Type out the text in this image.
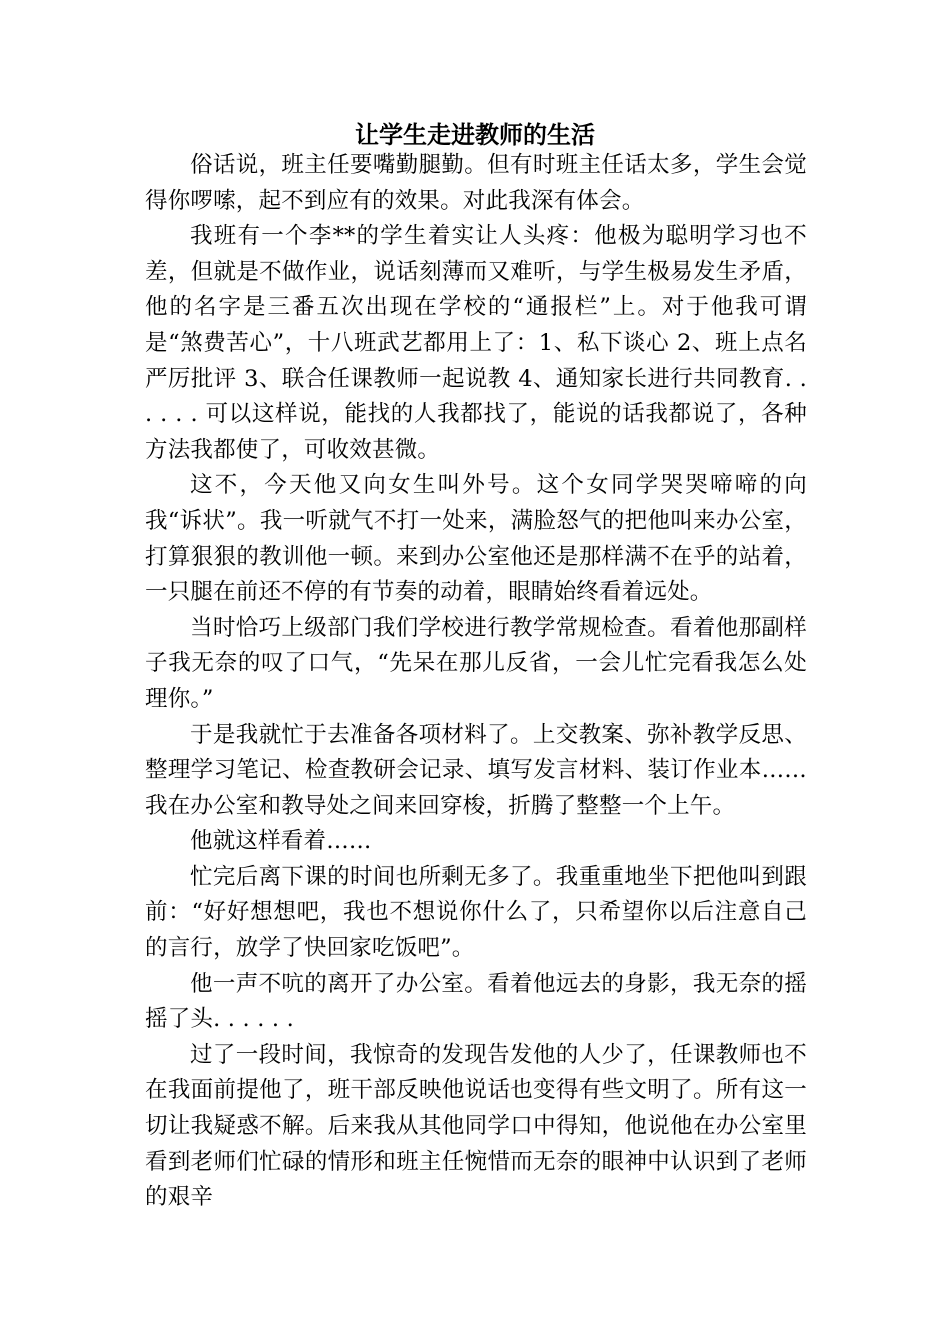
让学生走进教师的生活

俗话说，班主任要嘴勤腿勤。但有时班主任话太多，学生会觉得你啰嗦，起不到应有的效果。对此我深有体会。

我班有一个李**的学生着实让人头疼：他极为聪明学习也不差，但就是不做作业，说话刻薄而又难听，与学生极易发生矛盾，他的名字是三番五次出现在学校的“通报栏”上。对于他我可谓是“煞费苦心”，十八班武艺都用上了：1、私下谈心 2、班上点名严厉批评 3、联合任课教师一起说教 4、通知家长进行共同教育. . . . . . 可以这样说，能找的人我都找了，能说的话我都说了，各种方法我都使了，可收效甚微。

这不，今天他又向女生叫外号。这个女同学哭哭啼啼的向我“诉状”。我一听就气不打一处来，满脸怒气的把他叫来办公室，打算狠狠的教训他一顿。来到办公室他还是那样满不在乎的站着，一只腿在前还不停的有节奏的动着，眼睛始终看着远处。

当时恰巧上级部门我们学校进行教学常规检查。看着他那副样子我无奈的叹了口气，“先呆在那儿反省，一会儿忙完看我怎么处理你。”

于是我就忙于去准备各项材料了。上交教案、弥补教学反思、整理学习笔记、检查教研会记录、填写发言材料、装订作业本……我在办公室和教导处之间来回穿梭，折腾了整整一个上午。

他就这样看着……

忙完后离下课的时间也所剩无多了。我重重地坐下把他叫到跟前：“好好想想吧，我也不想说你什么了，只希望你以后注意自己的言行，放学了快回家吃饭吧”。

他一声不吭的离开了办公室。看着他远去的身影，我无奈的摇摇了头. . . . . .

过了一段时间，我惊奇的发现告发他的人少了，任课教师也不在我面前提他了，班干部反映他说话也变得有些文明了。所有这一切让我疑惑不解。后来我从其他同学口中得知，他说他在办公室里看到老师们忙碌的情形和班主任惋惜而无奈的眼神中认识到了老师的艰辛
